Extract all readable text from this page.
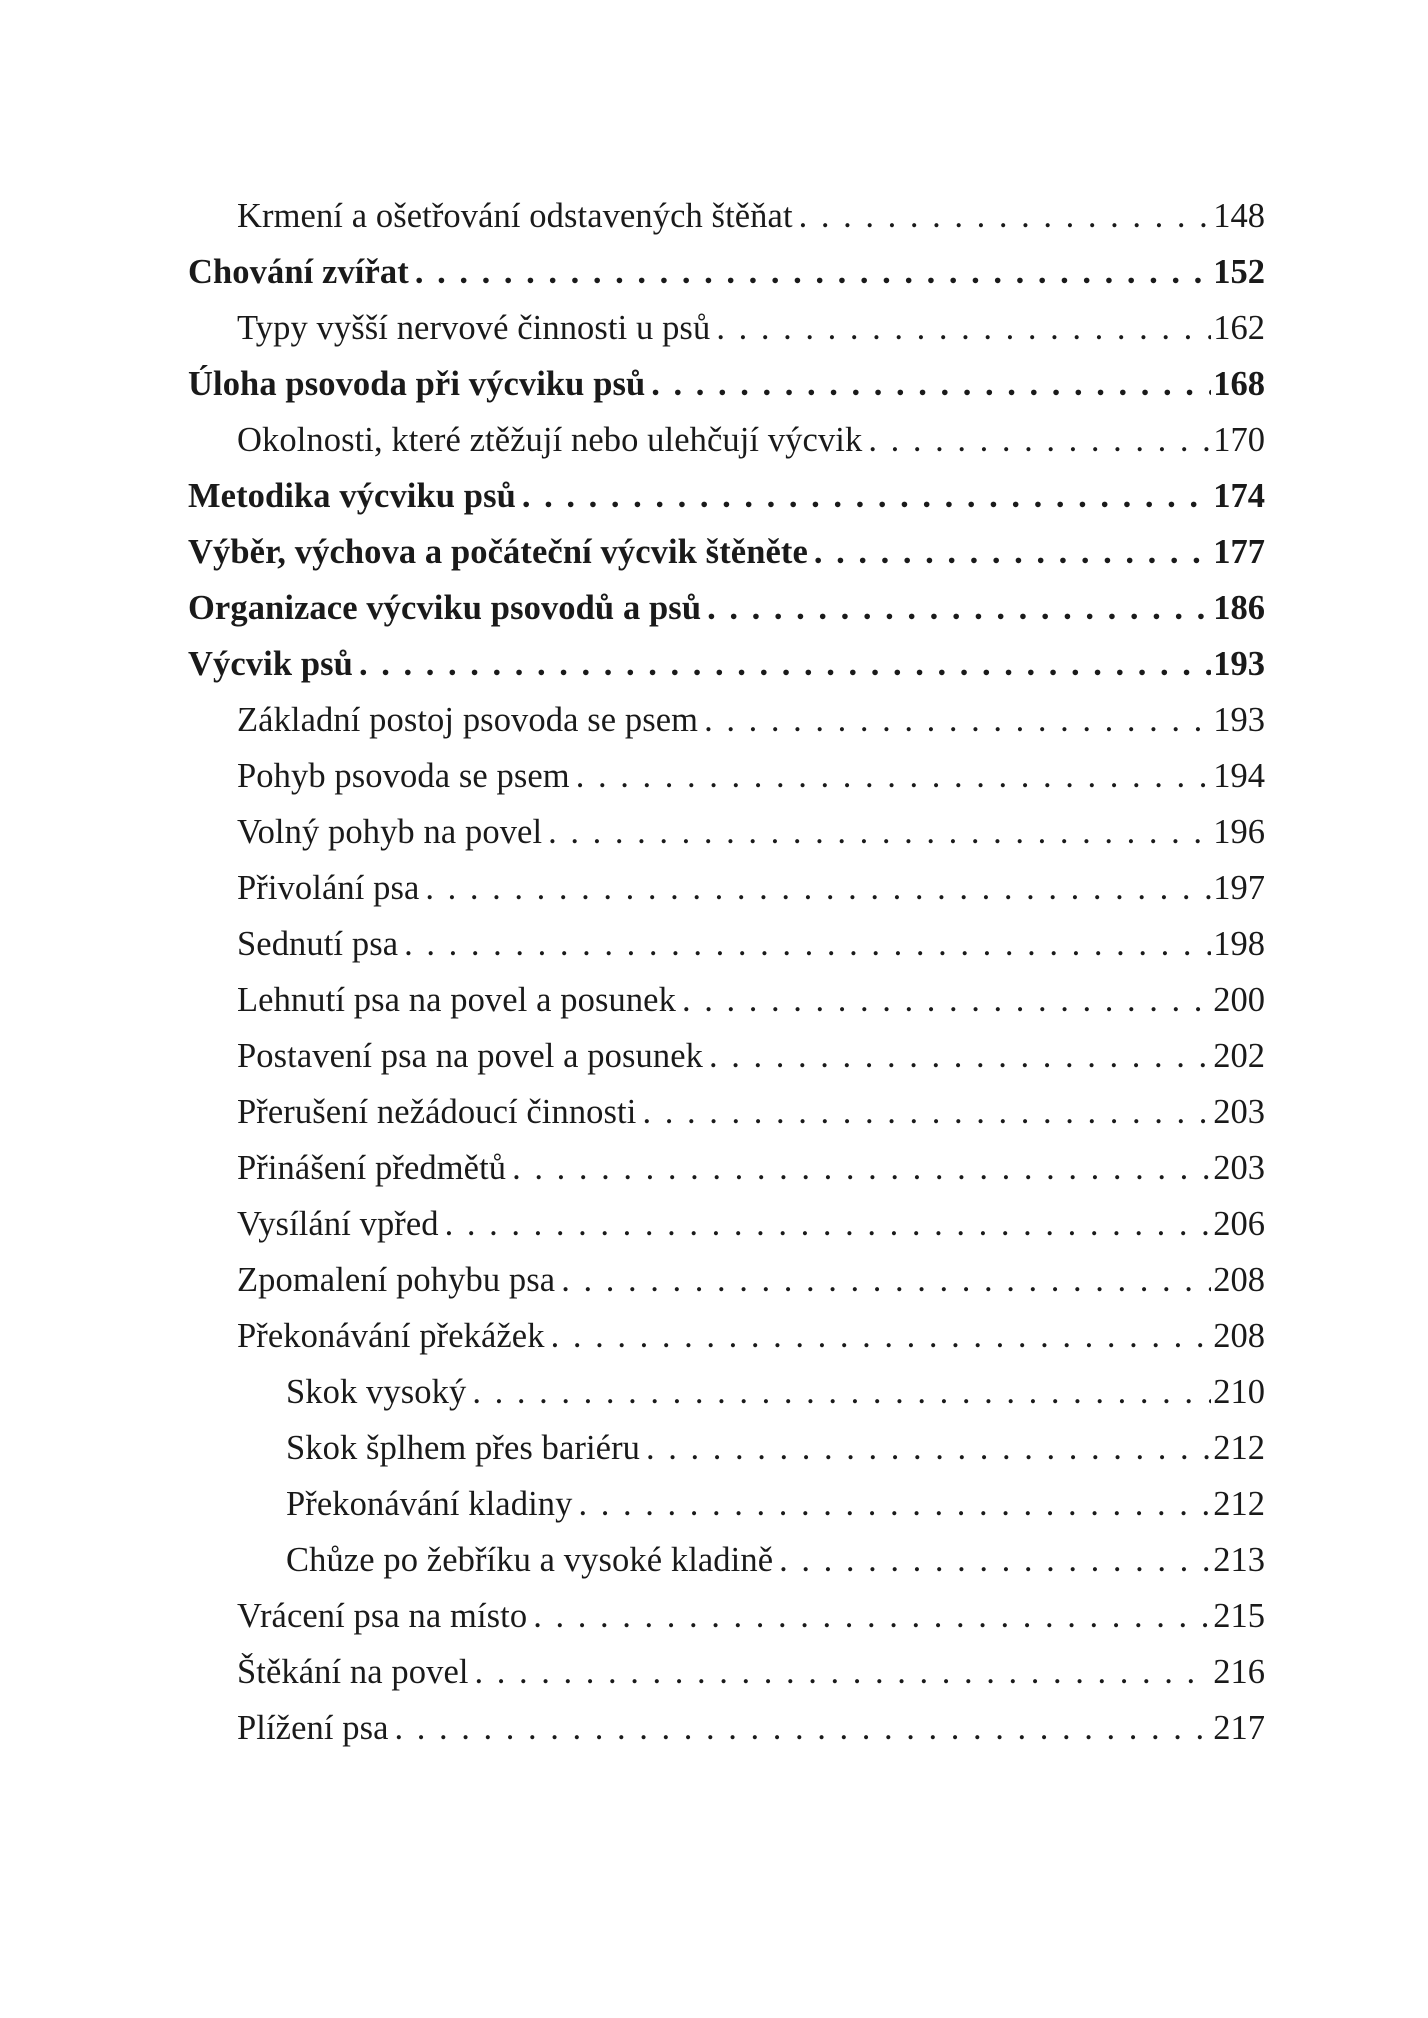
Krmení a ošetřování odstavených štěňat . . .	148
Chování zvířat . . .	152
Typy vyšší nervové činnosti u psů . . .	162
Úloha psovoda při výcviku psů . . .	168
Okolnosti, které ztěžují nebo ulehčují výcvik . . .	170
Metodika výcviku psů . . .	174
Výběr, výchova a počáteční výcvik štěněte . . .	177
Organizace výcviku psovodů a psů . . .	186
Výcvik psů . . .	193
Základní postoj psovoda se psem . . .	193
Pohyb psovoda se psem . . .	194
Volný pohyb na povel . . .	196
Přivolání psa . . .	197
Sednutí psa . . .	198
Lehnutí psa na povel a posunek . . .	200
Postavení psa na povel a posunek . . .	202
Přerušení nežádoucí činnosti . . .	203
Přinášení předmětů . . .	203
Vysílání vpřed . . .	206
Zpomalení pohybu psa . . .	208
Překonávání překážek . . .	208
Skok vysoký . . .	210
Skok šplhem přes bariéru . . .	212
Překonávání kladiny . . .	212
Chůze po žebříku a vysoké kladině . . .	213
Vrácení psa na místo . . .	215
Štěkání na povel . . .	216
Plížení psa . . .	217
